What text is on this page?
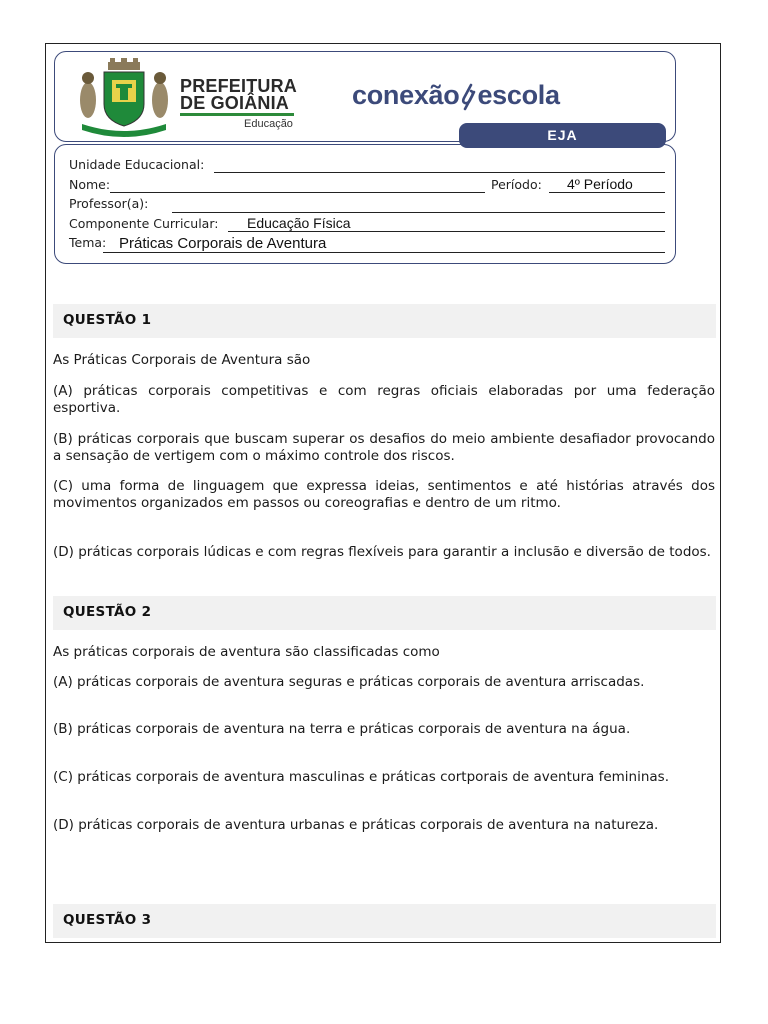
PREFEITURA
DE GOIÂNIA
Educação
conexão escola
EJA
Unidade Educacional:
Nome:	Período: 4º Período
Professor(a):
Componente Curricular: Educação Física
Tema: Práticas Corporais de Aventura
QUESTÃO 1
As Práticas Corporais de Aventura são
(A) práticas corporais competitivas e com regras oficiais elaboradas por uma federação esportiva.
(B) práticas corporais que buscam superar os desafios do meio ambiente desafiador provocando a sensação de vertigem com o máximo controle dos riscos.
(C) uma forma de linguagem que expressa ideias, sentimentos e até histórias através dos movimentos organizados em passos ou coreografias e dentro de um ritmo.
(D) práticas corporais lúdicas e com regras flexíveis para garantir a inclusão e diversão de todos.
QUESTÃO 2
As práticas corporais de aventura são classificadas como
(A) práticas corporais de aventura seguras e práticas corporais de aventura arriscadas.
(B) práticas corporais de aventura na terra e práticas corporais de aventura na água.
(C) práticas corporais de aventura masculinas e práticas cortporais de aventura femininas.
(D) práticas corporais de aventura urbanas e práticas corporais de aventura na natureza.
QUESTÃO 3
